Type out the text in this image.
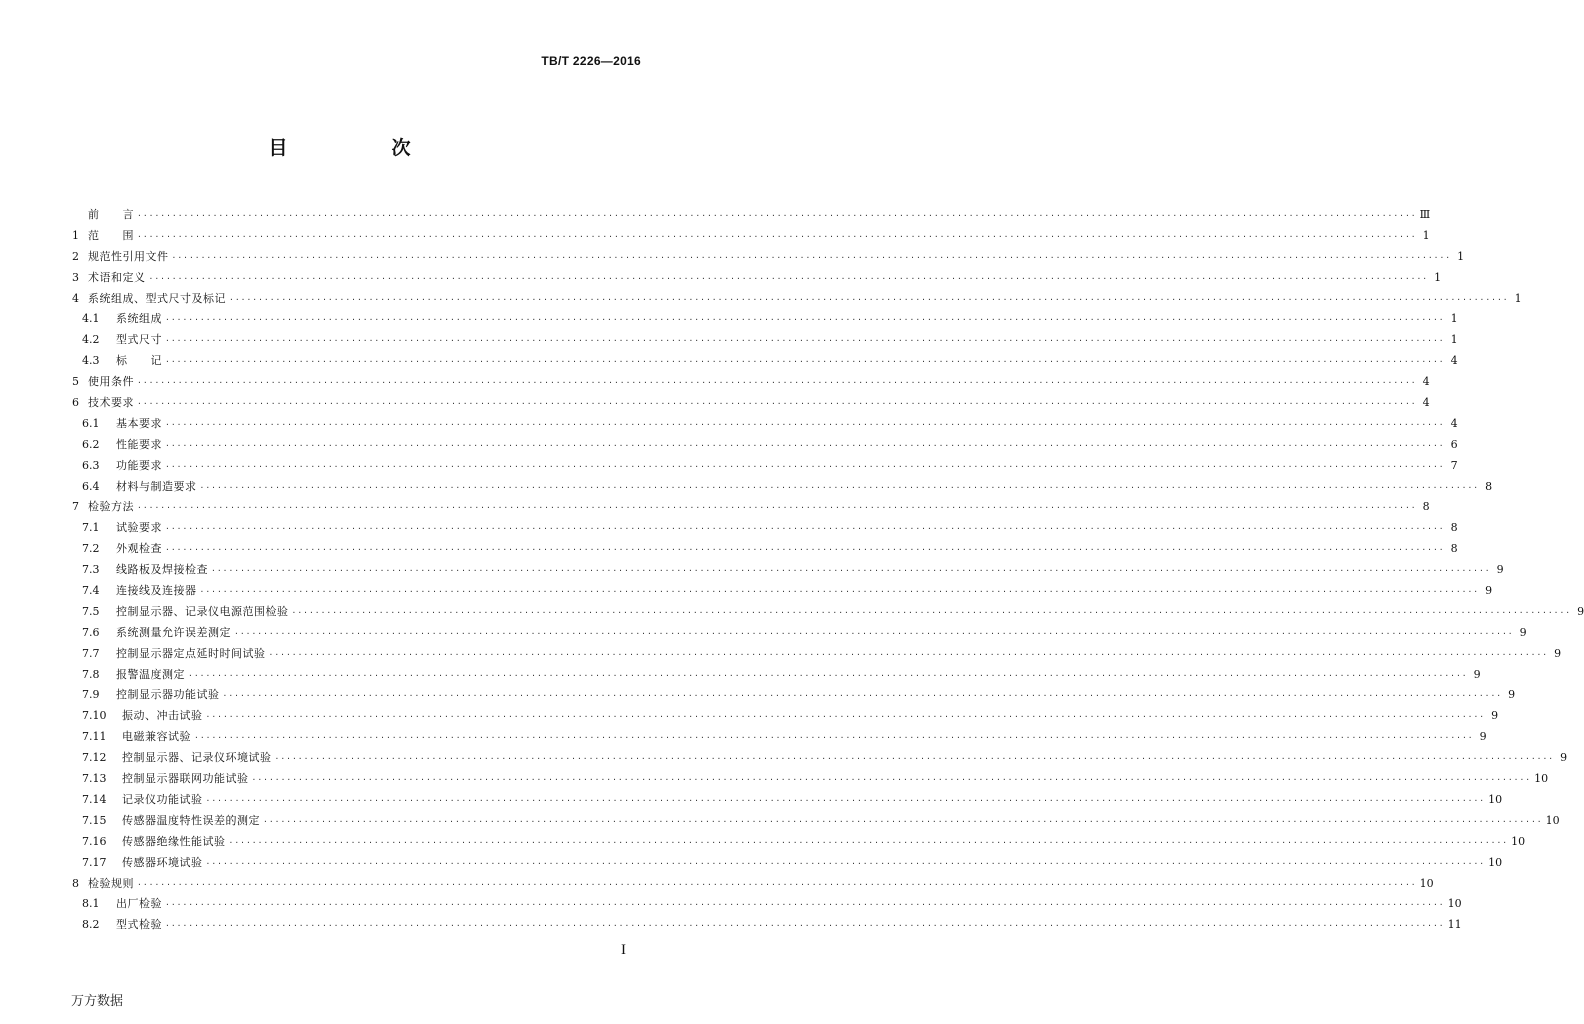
TB/T 2226—2016
目　　次
前　　言 ···························································································································································································································· Ⅲ
1 范　　围 ···························································································································································································································· 1
2 规范性引用文件 ···························································································································································································································· 1
3 术语和定义 ···························································································································································································································· 1
4 系统组成、型式尺寸及标记 ···························································································································································································································· 1
4.1	系统组成 ···························································································································································································································· 1
4.2	型式尺寸 ···························································································································································································································· 1
4.3	标　　记 ···························································································································································································································· 4
5 使用条件 ···························································································································································································································· 4
6 技术要求 ···························································································································································································································· 4
6.1	基本要求 ···························································································································································································································· 4
6.2	性能要求 ···························································································································································································································· 6
6.3	功能要求 ···························································································································································································································· 7
6.4	材料与制造要求 ···························································································································································································································· 8
7 检验方法 ···························································································································································································································· 8
7.1	试验要求 ···························································································································································································································· 8
7.2	外观检查 ···························································································································································································································· 8
7.3	线路板及焊接检查 ···························································································································································································································· 9
7.4	连接线及连接器 ···························································································································································································································· 9
7.5	控制显示器、记录仪电源范围检验 ···························································································································································································································· 9
7.6	系统测量允许误差测定 ···························································································································································································································· 9
7.7	控制显示器定点延时时间试验 ···························································································································································································································· 9
7.8	报警温度测定 ···························································································································································································································· 9
7.9	控制显示器功能试验 ···························································································································································································································· 9
7.10	振动、冲击试验 ···························································································································································································································· 9
7.11	电磁兼容试验 ···························································································································································································································· 9
7.12	控制显示器、记录仪环境试验 ···························································································································································································································· 9
7.13	控制显示器联网功能试验 ···························································································································································································································· 10
7.14	记录仪功能试验 ···························································································································································································································· 10
7.15	传感器温度特性误差的测定 ···························································································································································································································· 10
7.16	传感器绝缘性能试验 ···························································································································································································································· 10
7.17	传感器环境试验 ···························································································································································································································· 10
8 检验规则 ···························································································································································································································· 10
8.1	出厂检验 ···························································································································································································································· 10
8.2	型式检验 ···························································································································································································································· 11
I
万方数据
